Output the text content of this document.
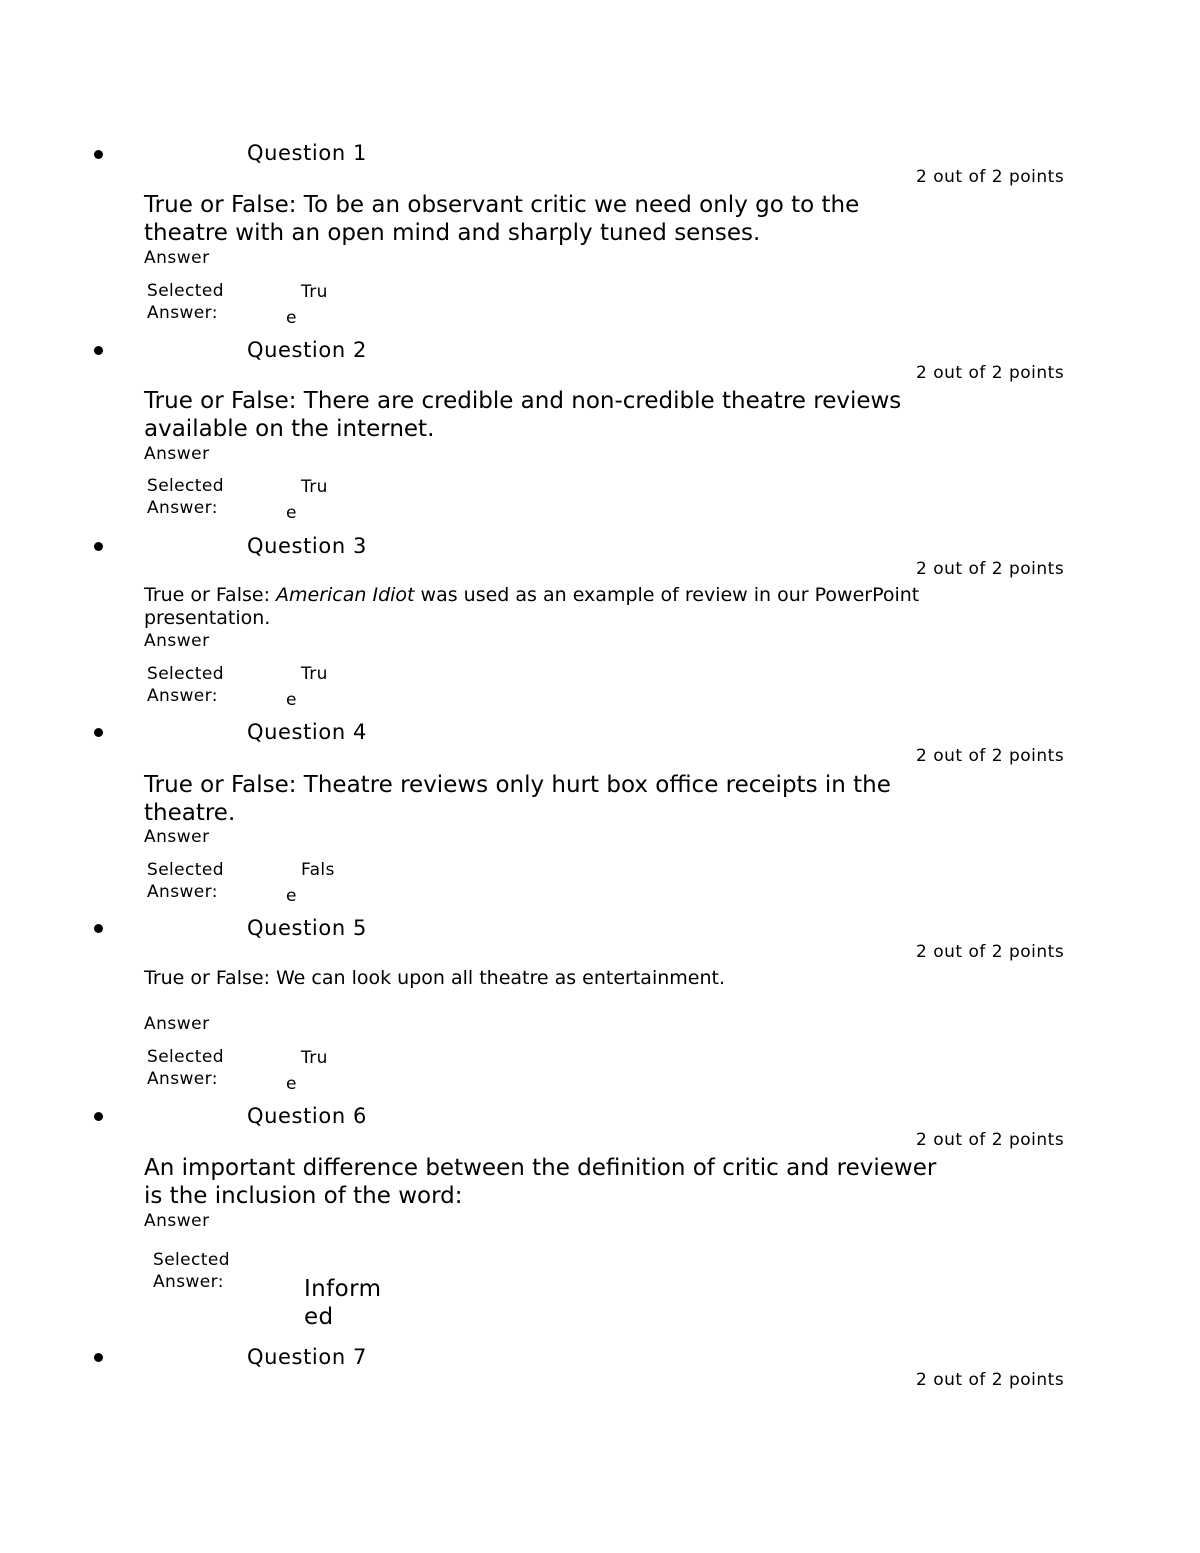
Question 1
2 out of 2 points
True or False: To be an observant critic we need only go to the theatre with an open mind and sharply tuned senses.
Answer
Selected Answer:
True
Question 2
2 out of 2 points
True or False: There are credible and non-credible theatre reviews available on the internet.
Answer
Selected Answer:
True
Question 3
2 out of 2 points
True or False: American Idiot was used as an example of review in our PowerPoint presentation.
Answer
Selected Answer:
True
Question 4
2 out of 2 points
True or False: Theatre reviews only hurt box office receipts in the theatre.
Answer
Selected Answer:
False
Question 5
2 out of 2 points
True or False: We can look upon all theatre as entertainment.
Answer
Selected Answer:
True
Question 6
2 out of 2 points
An important difference between the definition of critic and reviewer is the inclusion of the word:
Answer
Selected Answer:	Informed
Question 7
2 out of 2 points
